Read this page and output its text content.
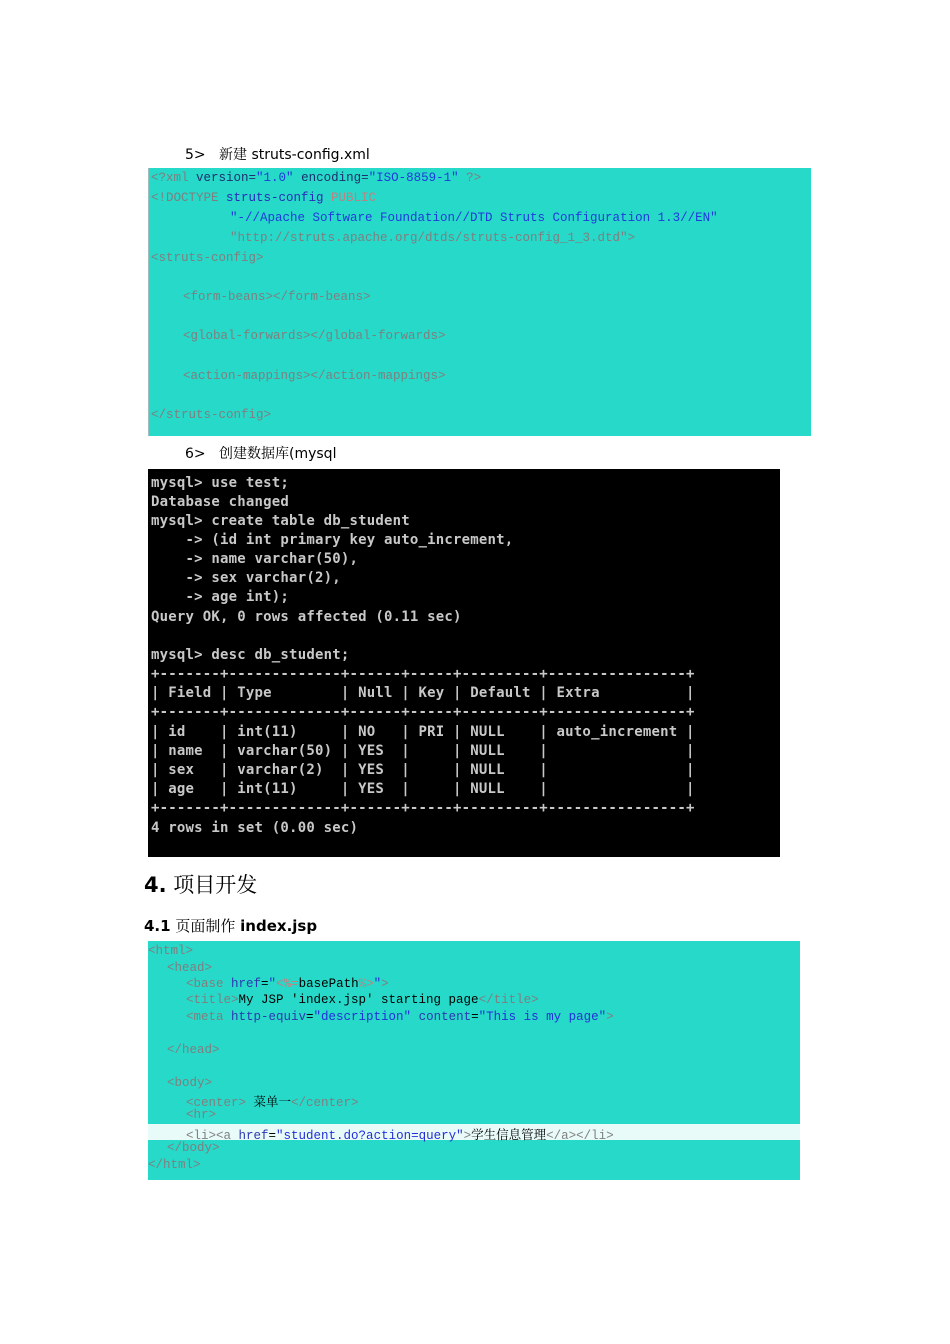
5> 新建 struts-config.xml
<?xml version="1.0" encoding="ISO-8859-1" ?>
<!DOCTYPE struts-config PUBLIC
"-//Apache Software Foundation//DTD Struts Configuration 1.3//EN"
"http://struts.apache.org/dtds/struts-config_1_3.dtd">
<struts-config>
<form-beans></form-beans>
<global-forwards></global-forwards>
<action-mappings></action-mappings>
</struts-config>
6> 创建数据库(mysql
mysql> use test;
Database changed
mysql> create table db_student
-> (id int primary key auto_increment,
-> name varchar(50),
-> sex varchar(2),
-> age int);
Query OK, 0 rows affected (0.11 sec)
mysql> desc db_student;
+-------+-------------+------+-----+---------+----------------+
| Field | Type        | Null | Key | Default | Extra          |
+-------+-------------+------+-----+---------+----------------+
| id    | int(11)     | NO   | PRI | NULL    | auto_increment |
| name  | varchar(50) | YES  |     | NULL    |                |
| sex   | varchar(2)  | YES  |     | NULL    |                |
| age   | int(11)     | YES  |     | NULL    |                |
+-------+-------------+------+-----+---------+----------------+
4 rows in set (0.00 sec)
4. 项目开发
4.1 页面制作 index.jsp
<html>
<head>
<base href="<%=basePath%>">
<title>My JSP 'index.jsp' starting page</title>
<meta http-equiv="description" content="This is my page">
</head>
<body>
<center> 菜单一</center>
<hr>
<li><a href="student.do?action=query">学生信息管理</a></li>
</body>
</html>
